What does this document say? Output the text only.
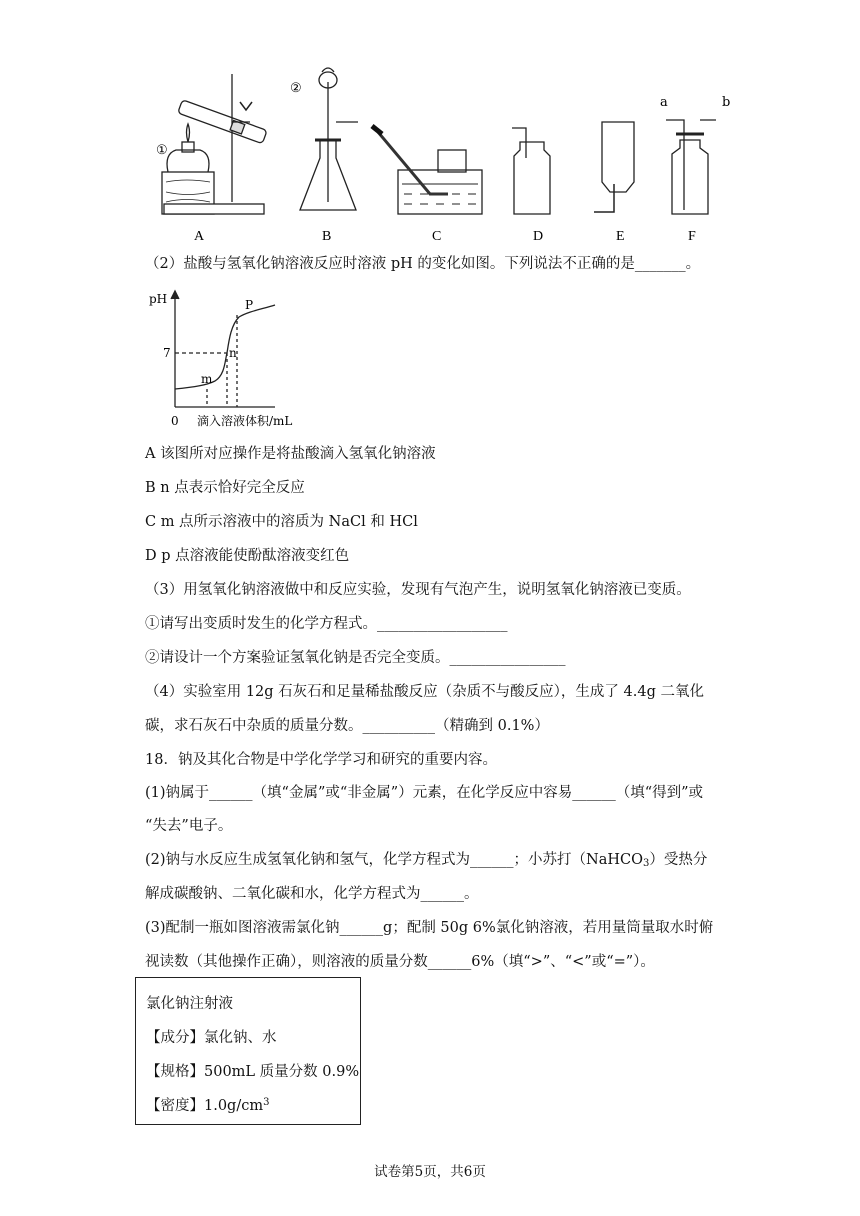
①
②
a	b
A	B	C	D	E	F
（2）盐酸与氢氧化钠溶液反应时溶液 pH 的变化如图。下列说法不正确的是_______。
pH
7
0 滴入溶液体积/mL
m
n
P
A 该图所对应操作是将盐酸滴入氢氧化钠溶液
B n 点表示恰好完全反应
C m 点所示溶液中的溶质为 NaCl 和 HCl
D p 点溶液能使酚酞溶液变红色
（3）用氢氧化钠溶液做中和反应实验，发现有气泡产生，说明氢氧化钠溶液已变质。
①请写出变质时发生的化学方程式。__________________
②请设计一个方案验证氢氧化钠是否完全变质。________________
（4）实验室用 12g 石灰石和足量稀盐酸反应（杂质不与酸反应），生成了 4.4g 二氧化
碳，求石灰石中杂质的质量分数。__________（精确到 0.1%）
18．钠及其化合物是中学化学学习和研究的重要内容。
(1)钠属于______（填“金属”或“非金属”）元素，在化学反应中容易______（填“得到”或
“失去”电子。
(2)钠与水反应生成氢氧化钠和氢气，化学方程式为______；小苏打（NaHCO$_3$）受热分
解成碳酸钠、二氧化碳和水，化学方程式为______。
(3)配制一瓶如图溶液需氯化钠______g；配制 50g 6%氯化钠溶液，若用量筒量取水时俯
视读数（其他操作正确），则溶液的质量分数______6%（填“>”、“<”或“=”）。
氯化钠注射液
【成分】氯化钠、水
【规格】500mL 质量分数 0.9%
【密度】$1.0g/cm^3$
试卷第5页，共6页
